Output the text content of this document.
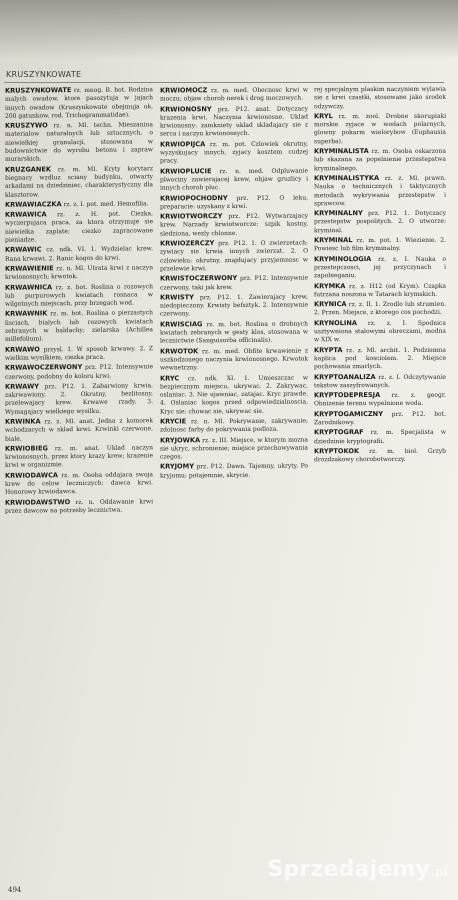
KRUSZYNKOWATE

KRUSZYNKOWATE rz. mnog. B. bot. Rodzina malych owadow, ktore pasozytuja w jajach innych owadow (Kruszynkowate obejmuja ok. 200 gatunkow, rod. Trichogrammatidae).

KRUSZYWO rz. n. Ml. techn. Mieszanina materialow naturalnych lub sztucznych, o niewielkiej granulacji, stosowana w budownictwie do wyrobu betonu i zapraw murarskich.

KRUZGANEK rz. m. Ml. Kryty korytarz biegnacy wzdluz sciany budynku, otwarty arkadami na dziedziniec, charakterystyczny dla klasztorow.

KRWAWIACZKA rz. z. I. pot. med. Hemofilia.

KRWAWICA rz. z. H. pot. Ciezka, wyczerpujaca praca, za ktora otrzymuje sie niewielka zaplate; ciezko zapracowane pieniadze.

KRWAWIC cz. ndk. VI. 1. Wydzielac krew. Rana krwawi. 2. Ranic kogos do krwi.

KRWAWIENIE rz. n. Ml. Utrata krwi z naczyn krwionosnych; krwotok.

KRWAWNICA rz. z. bot. Roslina o rozowych lub purpurowych kwiatach rosnaca w wilgotnych miejscach, przy brzegach wod.

KRWAWNIK rz. m. bot. Roslina o pierzastych lisciach, bialych lub rozowych kwiatach zebranych w baldachy; zielarska (Achillea millefolium).

KRWAWO przysl. 1. W sposob krwawy. 2. Z wielkim wysilkiem, ciezka praca.

KRWAWOCZERWONY prz. P12. Intensywnie czerwony, podobny do koloru krwi.

KRWAWY prz. P12. 1. Zabarwiony krwia, zakrwawiony. 2. Okrutny, bezlitosny, przelewajacy krew. Krwawe rzady. 3. Wymagajacy wielkiego wysilku.

KRWINKA rz. z. Ml. anat. Jedna z komorek wchodzacych w sklad krwi. Krwinki czerwone, biale.

KRWIOBIEG rz. m. anat. Uklad naczyn krwionosnych, przez ktory krazy krew; krazenie krwi w organizmie.

KRWIODAWCA rz. m. Osoba oddajaca swoja krew do celow leczniczych; dawca krwi. Honorowy krwiodawca.

KRWIODAWSTWO rz. n. Oddawanie krwi przez dawcow na potrzeby lecznictwa.

KRWIOMOCZ rz. m. med. Obecnosc krwi w moczu; objaw chorob nerek i drog moczowych.

KRWIONOSNY prz. P12. anat. Dotyczacy krazenia krwi. Naczynia krwionosne. Uklad krwionosny: zamkniety uklad skladajacy sie z serca i naczyn krwionosnych.

KRWIOPIJCA rz. m. pot. Czlowiek okrutny, wyzyskujacy innych, zyjacy kosztem cudzej pracy.

KRWIOPLUCIE rz. n. med. Odpluwanie plwociny zawierajacej krew, objaw gruzlicy i innych chorob pluc.

KRWIOPOCHODNY prz. P12. O leku, preparacie: uzyskany z krwi.

KRWIOTWORCZY prz. P12. Wytwarzajacy krew. Narzady krwiotworcze: szpik kostny, sledziona, wezly chlonne.

KRWIOZERCZY prz. P12. 1. O zwierzetach: zywiacy sie krwia innych zwierzat. 2. O czlowieku: okrutny, znajdujacy przyjemnosc w przelewie krwi.

KRWISTOCZERWONY prz. P12. Intensywnie czerwony, taki jak krew.

KRWISTY prz. P12. 1. Zawierajacy krew, niedopieczony. Krwisty befsztyk. 2. Intensywnie czerwony.

KRWISCIAG rz. m. bot. Roslina o drobnych kwiatach zebranych w gesty klos, stosowana w lecznictwie (Sanguisorba officinalis).

KRWOTOK rz. m. med. Obfite krwawienie z uszkodzonego naczynia krwionosnego. Krwotok wewnetrzny.

KRYC cz. ndk. XI. 1. Umieszczac w bezpiecznym miejscu, ukrywac. 2. Zakrywac, oslaniac. 3. Nie ujawniac, zatajac. Kryc prawde. 4. Oslaniac kogos przed odpowiedzialnoscia. Kryc sie: chowac sie, ukrywac sie.

KRYCIE rz. n. Ml. Pokrywanie, zakrywanie; zdolnosc farby do pokrywania podloza.

KRYJOWKA rz. z. III. Miejsce, w ktorym mozna sie ukryc, schronienie; miejsce przechowywania czegos.

KRYJOMY prz. P12. Dawn. Tajemny, ukryty. Po kryjomu: potajemnie, skrycie.

rej specjalnym plaskim naczyniem wylawia sie z krwi czastki, stosowane jako srodek odzywczy.

KRYL rz. m. zool. Drobne skorupiaki morskie zyjace w wodach polarnych, glowny pokarm wielorybow (Euphausia superba).

KRYMINALISTA rz. m. Osoba oskarzona lub skazana za popelnienie przestepstwa kryminalnego.

KRYMINALISTYKA rz. z. Ml. prawn. Nauka o technicznych i taktycznych metodach wykrywania przestepstw i sprawcow.

KRYMINALNY prz. P12. 1. Dotyczacy przestepstw pospolitych. 2. O utworze: kryminal.

KRYMINAL rz. m. pot. 1. Wiezienie. 2. Powiesc lub film kryminalny.

KRYMINOLOGIA rz. z. I. Nauka o przestepczosci, jej przyczynach i zapobieganiu.

KRYMKA rz. z. H12 (od Krym). Czapka futrzana noszona w Tatarach krymskich.

KRYNICA rz. z. II. 1. Zrodlo lub strumien. 2. Przen. Miejsce, z ktorego cos pochodzi.

KRYNOLINA rz. z. I. Spodnica usztywniona stalowymi obreczami, modna w XIX w.

KRYPTA rz. z. Ml. archit. 1. Podziemna kaplica pod kosciolem. 2. Miejsce pochowania zmarlych.

KRYPTOANALIZA rz. z. I. Odczytywanie tekstow zaszyfrowanych.

KRYPTODEPRESJA rz. z. geogr. Obnizenie terenu wypelnione woda.

KRYPTOGAMICZNY prz. P12. bot. Zarodnikowy.

KRYPTOGRAF rz. m. Specjalista w dziedzinie kryptografii.

KRYPTOKOK rz. m. biol. Grzyb drozdzakowy chorobotworczy.

494
Sprzedajemy.pl
